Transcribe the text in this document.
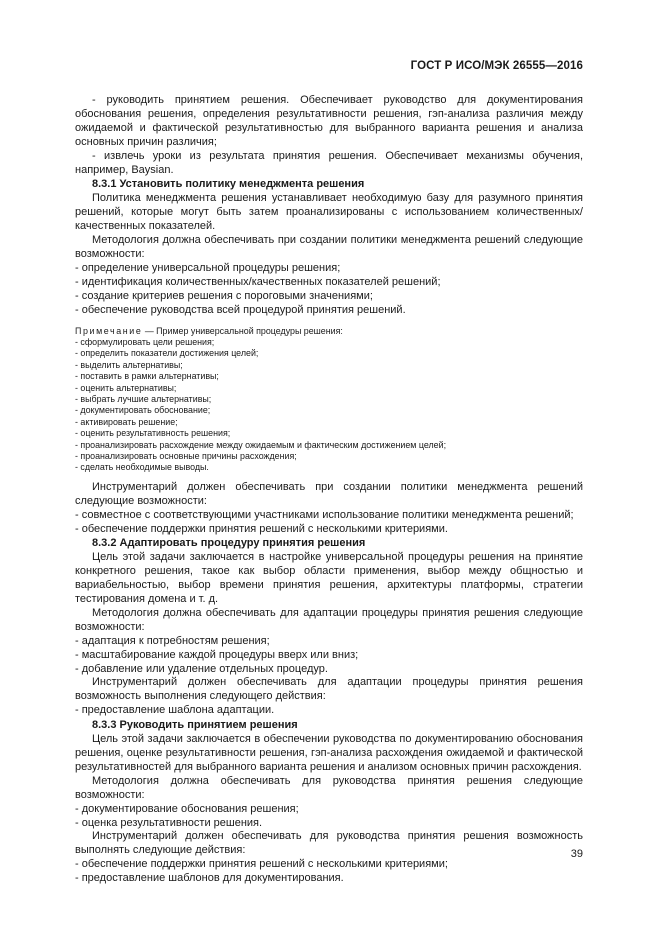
ГОСТ Р ИСО/МЭК 26555—2016

- руководить принятием решения. Обеспечивает руководство для документирования обоснования решения, определения результативности решения, гэп-анализа различия между ожидаемой и фактической результативностью для выбранного варианта решения и анализа основных причин различия;

- извлечь уроки из результата принятия решения. Обеспечивает механизмы обучения, например, Baysian.

8.3.1 Установить политику менеджмента решения

Политика менеджмента решения устанавливает необходимую базу для разумного принятия решений, которые могут быть затем проанализированы с использованием количественных/качественных показателей.

Методология должна обеспечивать при создании политики менеджмента решений следующие возможности:

- определение универсальной процедуры решения;

- идентификация количественных/качественных показателей решений;

- создание критериев решения с пороговыми значениями;

- обеспечение руководства всей процедурой принятия решений.

Примечание — Пример универсальной процедуры решения:
- сформулировать цели решения;
- определить показатели достижения целей;
- выделить альтернативы;
- поставить в рамки альтернативы;
- оценить альтернативы;
- выбрать лучшие альтернативы;
- документировать обоснование;
- активировать решение;
- оценить результативность решения;
- проанализировать расхождение между ожидаемым и фактическим достижением целей;
- проанализировать основные причины расхождения;
- сделать необходимые выводы.

Инструментарий должен обеспечивать при создании политики менеджмента решений следующие возможности:

- совместное с соответствующими участниками использование политики менеджмента решений;

- обеспечение поддержки принятия решений с несколькими критериями.

8.3.2 Адаптировать процедуру принятия решения

Цель этой задачи заключается в настройке универсальной процедуры решения на принятие конкретного решения, такое как выбор области применения, выбор между общностью и вариабельностью, выбор времени принятия решения, архитектуры платформы, стратегии тестирования домена и т. д.

Методология должна обеспечивать для адаптации процедуры принятия решения следующие возможности:

- адаптация к потребностям решения;

- масштабирование каждой процедуры вверх или вниз;

- добавление или удаление отдельных процедур.

Инструментарий должен обеспечивать для адаптации процедуры принятия решения возможность выполнения следующего действия:

- предоставление шаблона адаптации.

8.3.3 Руководить принятием решения

Цель этой задачи заключается в обеспечении руководства по документированию обоснования решения, оценке результативности решения, гэп-анализа расхождения ожидаемой и фактической результативностей для выбранного варианта решения и анализом основных причин расхождения.

Методология должна обеспечивать для руководства принятия решения следующие возможности:

- документирование обоснования решения;

- оценка результативности решения.

Инструментарий должен обеспечивать для руководства принятия решения возможность выполнять следующие действия:

- обеспечение поддержки принятия решений с несколькими критериями;

- предоставление шаблонов для документирования.

39
